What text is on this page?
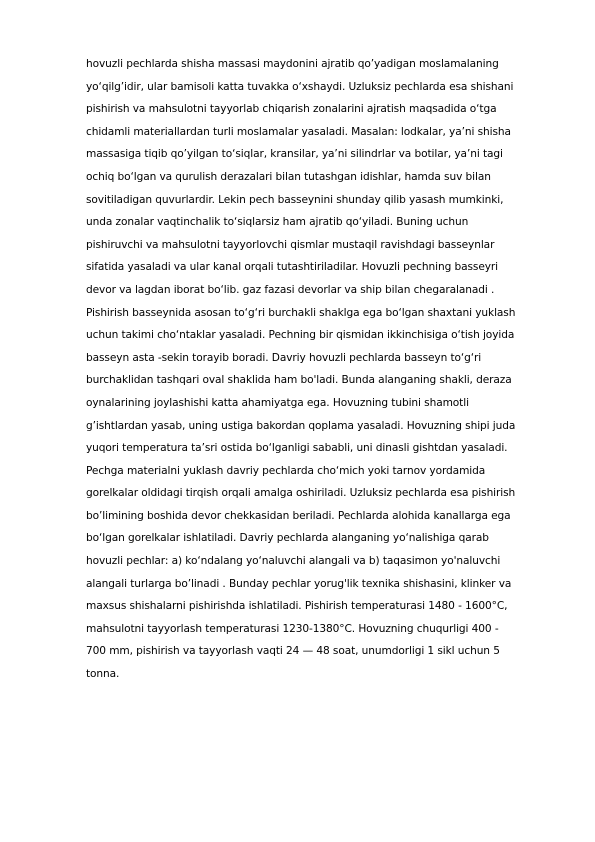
hovuzli pechlarda shisha massasi maydonini ajratib qo’yadigan moslamalaning
yo‘qilg’idir, ular bamisoli katta tuvakka o‘xshaydi. Uzluksiz pechlarda esa shishani
pishirish va mahsulotni tayyorlab chiqarish zonalarini ajratish maqsadida o‘tga
chidamli materiallardan turli moslamalar yasaladi. Masalan: lodkalar, ya’ni shisha
massasiga tiqib qo’yilgan to‘siqlar, kransilar, ya’ni silindrlar va botilar, ya’ni tagi
ochiq bo‘lgan va qurulish derazalari bilan tutashgan idishlar, hamda suv bilan
sovitiladigan quvurlardir. Lekin pech basseynini shunday qilib yasash mumkinki,
unda zonalar vaqtinchalik to‘siqlarsiz ham ajratib qo‘yiladi. Buning uchun
pishiruvchi va mahsulotni tayyorlovchi qismlar mustaqil ravishdagi basseynlar
sifatida yasaladi va ular kanal orqali tutashtiriladilar. Hovuzli pechning basseyri
devor va lagdan iborat bo‘lib. gaz fazasi devorlar va ship bilan chegaralanadi .
Pishirish basseynida asosan to‘g‘ri burchakli shaklga ega bo‘lgan shaxtani yuklash
uchun takimi cho‘ntaklar yasaladi. Pechning bir qismidan ikkinchisiga o‘tish joyida
basseyn asta -sekin torayib boradi. Davriy hovuzli pechlarda basseyn to‘g‘ri
burchaklidan tashqari oval shaklida ham bo'ladi. Bunda alanganing shakli, deraza
oynalarining joylashishi katta ahamiyatga ega. Hovuzning tubini shamotli
g’ishtlardan yasab, uning ustiga bakordan qoplama yasaladi. Hovuzning shipi juda
yuqori temperatura ta’sri ostida bo‘lganligi sababli, uni dinasli gishtdan yasaladi.
Pechga materialni yuklash davriy pechlarda cho‘mich yoki tarnov yordamida
gorelkalar oldidagi tirqish orqali amalga oshiriladi. Uzluksiz pechlarda esa pishirish
bo’limining boshida devor chekkasidan beriladi. Pechlarda alohida kanallarga ega
bo‘lgan gorelkalar ishlatiladi. Davriy pechlarda alanganing yo‘nalishiga qarab
hovuzli pechlar: a) ko‘ndalang yo‘naluvchi alangali va b) taqasimon yo'naluvchi
alangali turlarga bo’linadi . Bunday pechlar yorug'lik texnika shishasini, klinker va
maxsus shishalarni pishirishda ishlatiladi. Pishirish temperaturasi 1480 - 1600°C,
mahsulotni tayyorlash temperaturasi 1230-1380°C. Hovuzning chuqurligi 400 -
700 mm, pishirish va tayyorlash vaqti 24 — 48 soat, unumdorligi 1 sikl uchun 5
tonna.
